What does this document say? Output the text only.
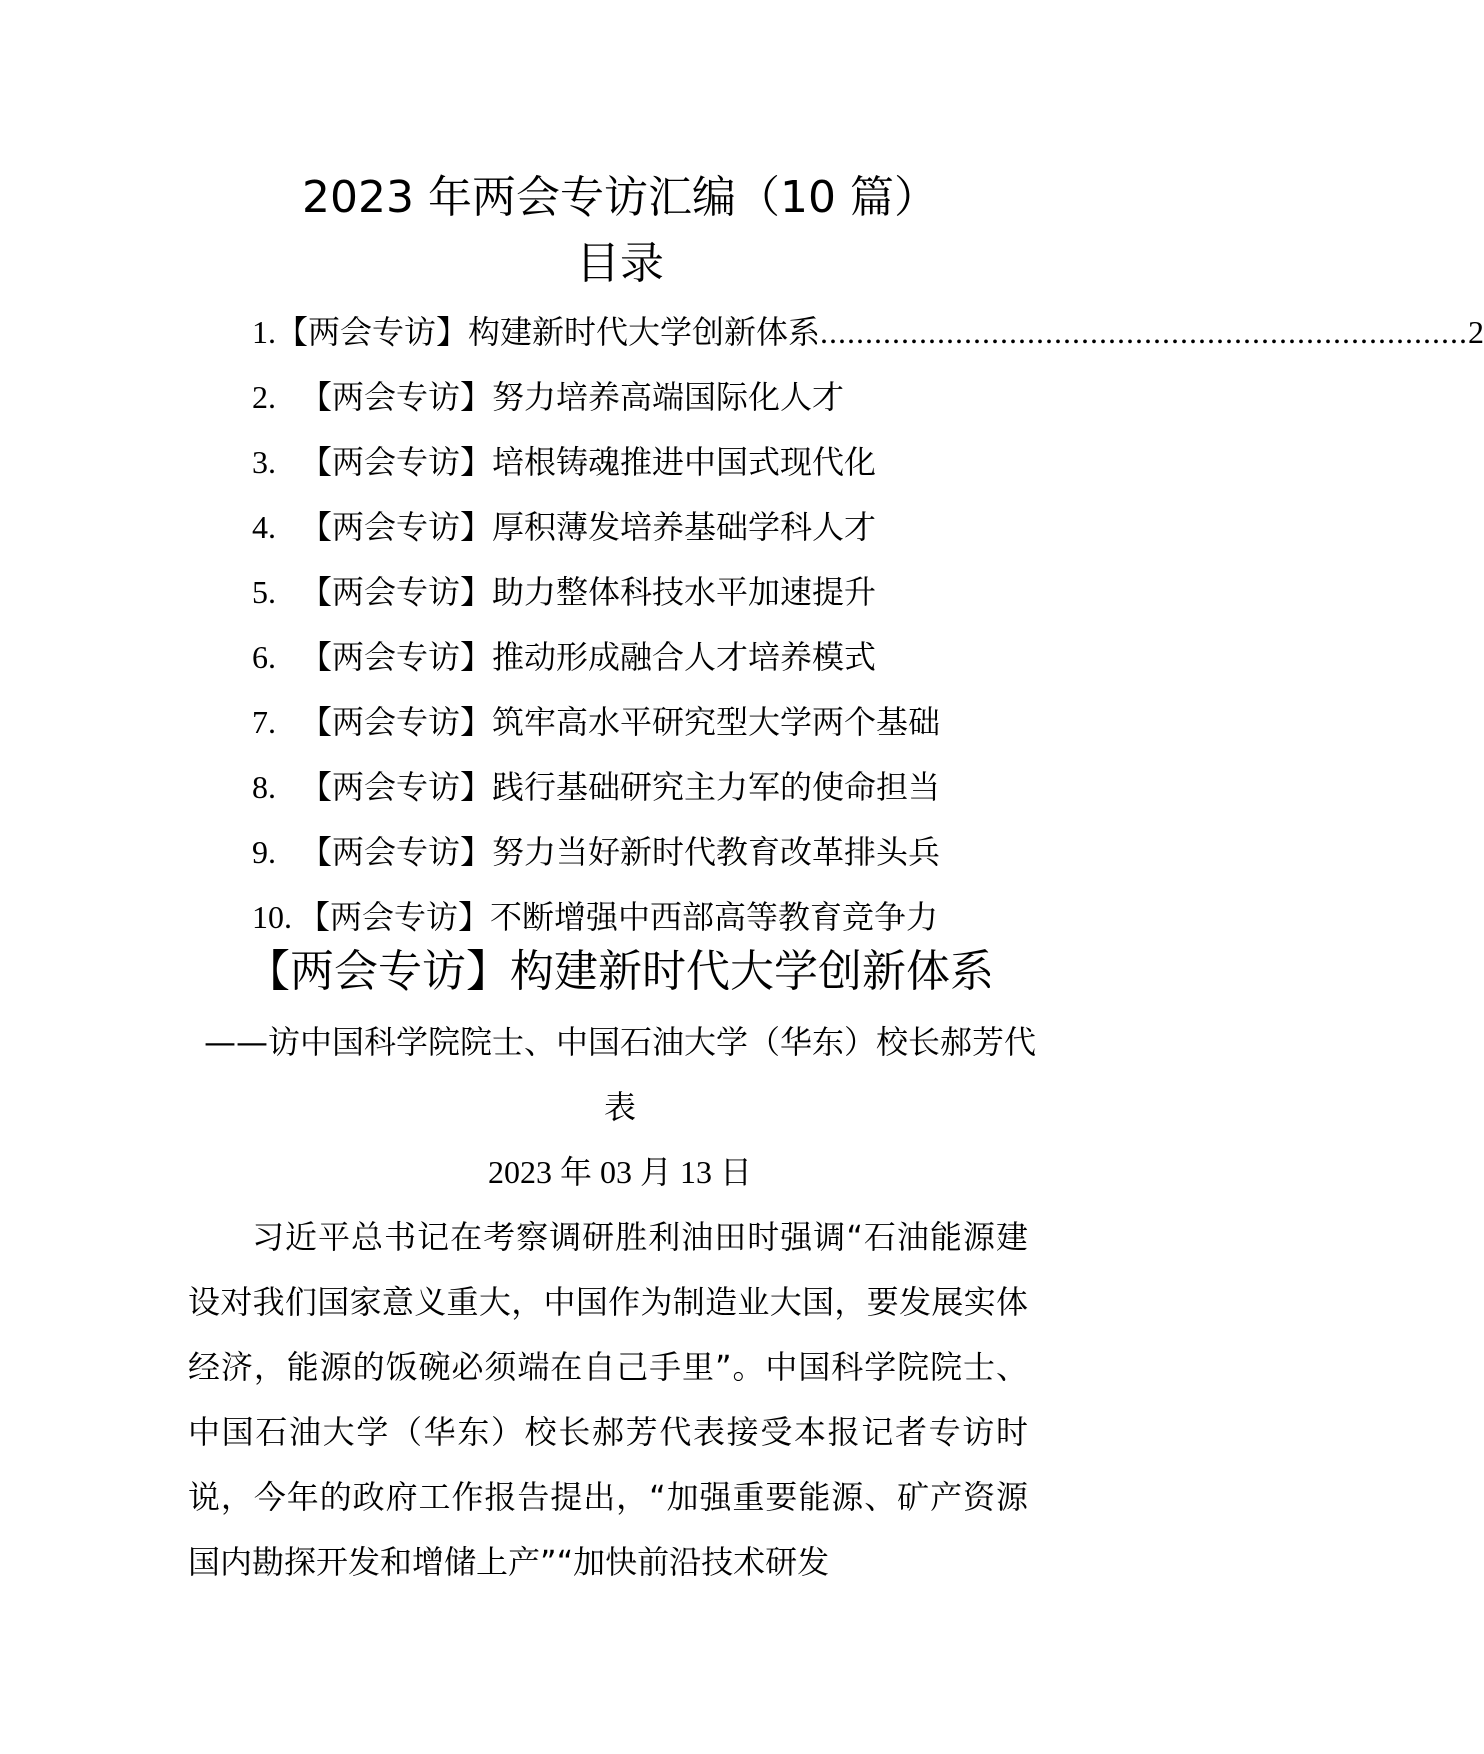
2023 年两会专访汇编（10 篇）
目录
1. 【两会专访】构建新时代大学创新体系 ........................................................................ 2
2. 【两会专访】努力培养高端国际化人才
3. 【两会专访】培根铸魂推进中国式现代化
4. 【两会专访】厚积薄发培养基础学科人才
5. 【两会专访】助力整体科技水平加速提升
6. 【两会专访】推动形成融合人才培养模式
7. 【两会专访】筑牢高水平研究型大学两个基础
8. 【两会专访】践行基础研究主力军的使命担当
9. 【两会专访】努力当好新时代教育改革排头兵
10. 【两会专访】不断增强中西部高等教育竞争力
【两会专访】构建新时代大学创新体系
——访中国科学院院士、中国石油大学（华东）校长郝芳代表
2023 年 03 月 13 日

习近平总书记在考察调研胜利油田时强调“石油能源建设对我们国家意义重大，中国作为制造业大国，要发展实体经济，能源的饭碗必须端在自己手里”。中国科学院院士、中国石油大学（华东）校长郝芳代表接受本报记者专访时说，今年的政府工作报告提出，“加强重要能源、矿产资源国内勘探开发和增储上产”“加快前沿技术研发
